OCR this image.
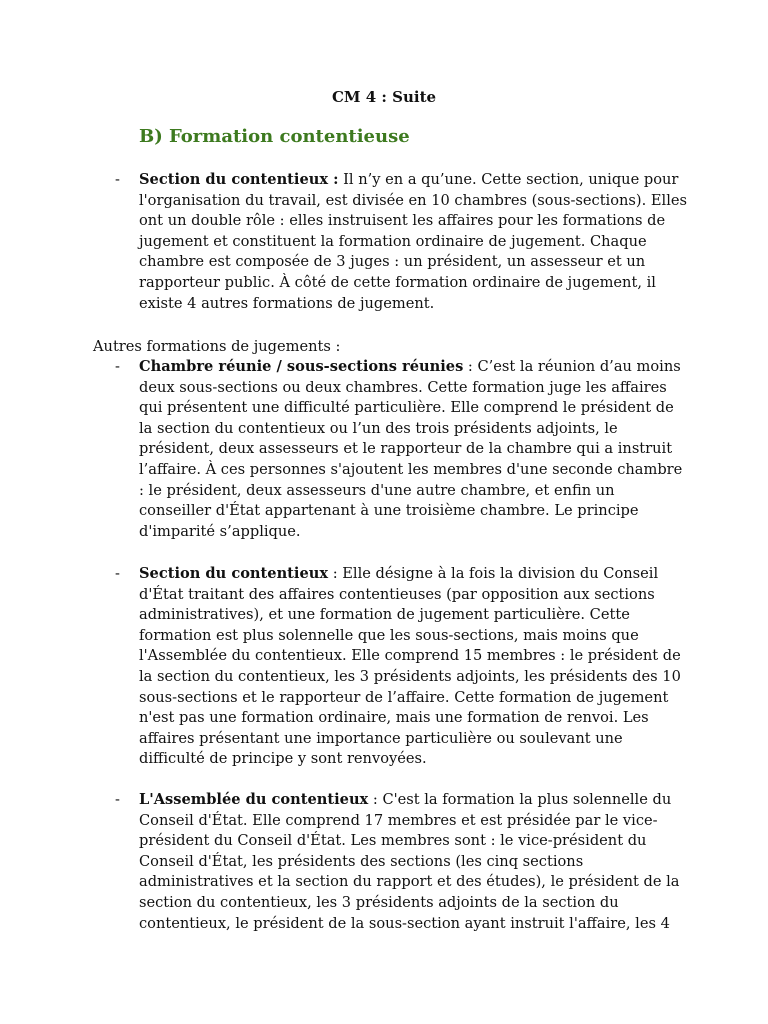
CM 4 : Suite
B) Formation contentieuse
- Section du contentieux : Il n’y en a qu’une. Cette section, unique pour l'organisation du travail, est divisée en 10 chambres (sous-sections). Elles ont un double rôle : elles instruisent les affaires pour les formations de jugement et constituent la formation ordinaire de jugement. Chaque chambre est composée de 3 juges : un président, un assesseur et un rapporteur public. À côté de cette formation ordinaire de jugement, il existe 4 autres formations de jugement.
Autres formations de jugements :
- Chambre réunie / sous-sections réunies : C’est la réunion d’au moins deux sous-sections ou deux chambres. Cette formation juge les affaires qui présentent une difficulté particulière. Elle comprend le président de la section du contentieux ou l’un des trois présidents adjoints, le président, deux assesseurs et le rapporteur de la chambre qui a instruit l’affaire. À ces personnes s'ajoutent les membres d'une seconde chambre : le président, deux assesseurs d'une autre chambre, et enfin un conseiller d'État appartenant à une troisième chambre. Le principe d'imparité s’applique.
- Section du contentieux : Elle désigne à la fois la division du Conseil d'État traitant des affaires contentieuses (par opposition aux sections administratives), et une formation de jugement particulière. Cette formation est plus solennelle que les sous-sections, mais moins que l'Assemblée du contentieux. Elle comprend 15 membres : le président de la section du contentieux, les 3 présidents adjoints, les présidents des 10 sous-sections et le rapporteur de l’affaire. Cette formation de jugement n'est pas une formation ordinaire, mais une formation de renvoi. Les affaires présentant une importance particulière ou soulevant une difficulté de principe y sont renvoyées.
- L'Assemblée du contentieux : C'est la formation la plus solennelle du Conseil d'État. Elle comprend 17 membres et est présidée par le vice-président du Conseil d'État. Les membres sont : le vice-président du Conseil d'État, les présidents des sections (les cinq sections administratives et la section du rapport et des études), le président de la section du contentieux, les 3 présidents adjoints de la section du contentieux, le président de la sous-section ayant instruit l'affaire, les 4
